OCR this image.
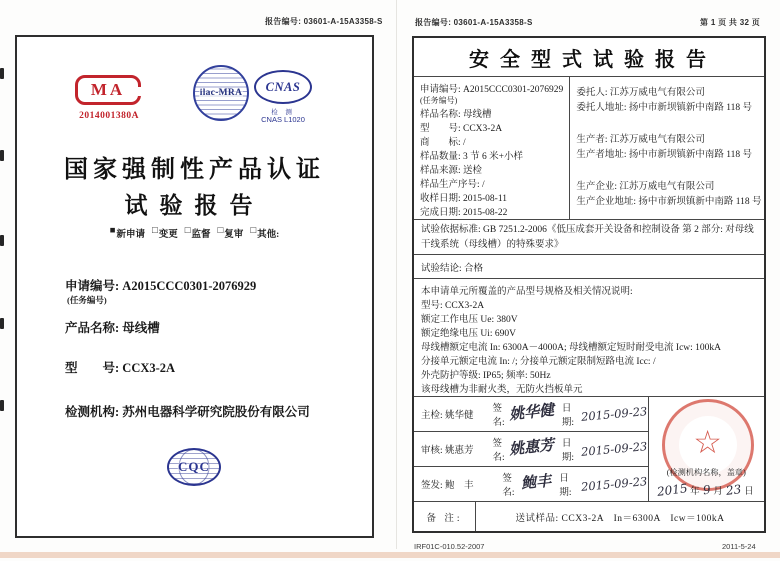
报告编号: 03601-A-15A3358-S
MA
2014001380A
ilac-MRA CNAS
检 测
CNAS L1020
国家强制性产品认证
试验报告
■ 新申请 □ 变更 □ 监督 □ 复审 □ 其他:
申请编号: A2015CCC0301-2076929
(任务编号)
产品名称: 母线槽
型　　号: CCX3-2A
检测机构: 苏州电器科学研究院股份有限公司
CQC
报告编号: 03601-A-15A3358-S	第 1 页 共 32 页
安 全 型 式 试 验 报 告
申请编号: A2015CCC0301-2076929
(任务编号)
样品名称: 母线槽
型　　号: CCX3-2A
商　　标: /
样品数量: 3 节 6 米+小样
样品来源: 送检
样品生产序号: /
收样日期: 2015-08-11
完成日期: 2015-08-22
委托人: 江苏万威电气有限公司
委托人地址: 扬中市新坝镇新中南路 118 号
生产者: 江苏万威电气有限公司
生产者地址: 扬中市新坝镇新中南路 118 号
生产企业: 江苏万威电气有限公司
生产企业地址: 扬中市新坝镇新中南路 118 号
试验依据标准: GB 7251.2-2006《低压成套开关设备和控制设备 第 2 部分: 对母线干线系统（母线槽）的特殊要求》
试验结论: 合格
本申请单元所覆盖的产品型号规格及相关情况说明:
型号: CCX3-2A
额定工作电压 Ue: 380V
额定绝缘电压 Ui: 690V
母线槽额定电流 In: 6300A－4000A; 母线槽额定短时耐受电流 Icw: 100kA
分接单元额定电流 In: /; 分接单元额定限制短路电流 Icc: /
外壳防护等级: IP65; 频率: 50Hz
该母线槽为非耐火类，无防火挡板单元
主检: 姚华健
签名: 姚华健 日期: 2015-09-23
审核: 姚惠芳
签名: 姚惠芳 日期: 2015-09-23
签发: 鲍　丰
签名:
鲍丰 日期: 2015-09-23
☆
(检测机构名称，盖章)
2015 年 9 月 23 日
备 注:	送试样品: CCX3-2A　In＝6300A　Icw＝100kA
IRF01C-010.52-2007	2011-5-24
